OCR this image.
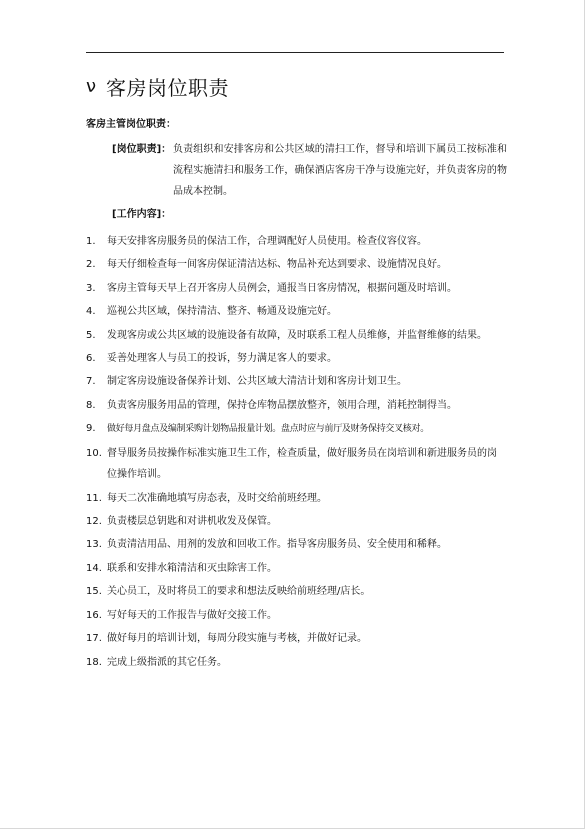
ν 客房岗位职责
客房主管岗位职责：
[岗位职责]： 负责组织和安排客房和公共区域的清扫工作，督导和培训下属员工按标准和流程实施清扫和服务工作，确保酒店客房干净与设施完好，并负责客房的物品成本控制。
[工作内容]：
1.	每天安排客房服务员的保洁工作，合理调配好人员使用。检查仪容仪容。
2.	每天仔细检查每一间客房保证清洁达标、物品补充达到要求、设施情况良好。
3.	客房主管每天早上召开客房人员例会，通报当日客房情况，根据问题及时培训。
4.	巡视公共区域，保持清洁、整齐、畅通及设施完好。
5.	发现客房或公共区域的设施设备有故障，及时联系工程人员维修，并监督维修的结果。
6.	妥善处理客人与员工的投诉，努力满足客人的要求。
7.	制定客房设施设备保养计划、公共区域大清洁计划和客房计划卫生。
8.	负责客房服务用品的管理，保持仓库物品摆放整齐，领用合理，消耗控制得当。
9.	做好每月盘点及编制采购计划物品报量计划。盘点时应与前厅及财务保持交叉核对。
10. 督导服务员按操作标准实施卫生工作，检查质量，做好服务员在岗培训和新进服务员的岗位操作培训。
11. 每天二次准确地填写房态表，及时交给前班经理。
12. 负责楼层总钥匙和对讲机收发及保管。
13. 负责清洁用品、用剂的发放和回收工作。指导客房服务员、安全使用和稀释。
14. 联系和安排水箱清洁和灭虫除害工作。
15. 关心员工，及时将员工的要求和想法反映给前班经理/店长。
16. 写好每天的工作报告与做好交接工作。
17. 做好每月的培训计划，每周分段实施与考核，并做好记录。
18. 完成上级指派的其它任务。
